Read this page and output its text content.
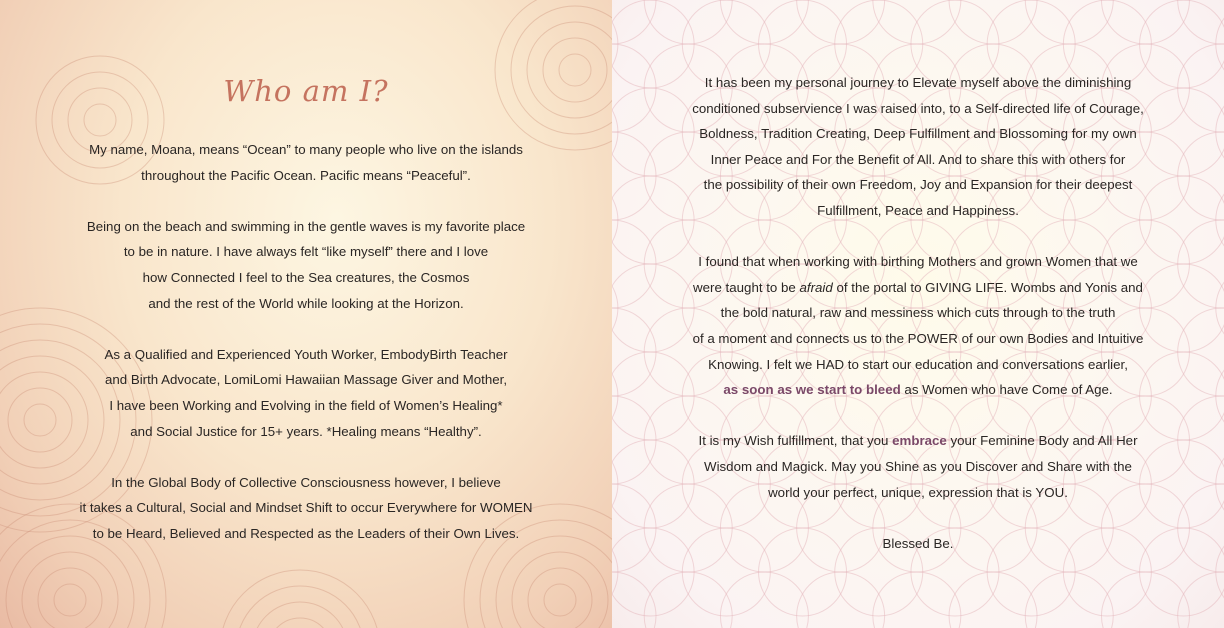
Who am I?

My name, Moana, means “Ocean” to many people who live on the islands
throughout the Pacific Ocean. Pacific means “Peaceful”.

Being on the beach and swimming in the gentle waves is my favorite place
to be in nature. I have always felt “like myself” there and I love
how Connected I feel to the Sea creatures, the Cosmos
and the rest of the World while looking at the Horizon.

As a Qualified and Experienced Youth Worker, EmbodyBirth Teacher
and Birth Advocate, LomiLomi Hawaiian Massage Giver and Mother,
I have been Working and Evolving in the field of Women’s Healing*
and Social Justice for 15+ years. *Healing means “Healthy”.

In the Global Body of Collective Consciousness however, I believe
it takes a Cultural, Social and Mindset Shift to occur Everywhere for WOMEN
to be Heard, Believed and Respected as the Leaders of their Own Lives.

It has been my personal journey to Elevate myself above the diminishing
conditioned subservience I was raised into, to a Self-directed life of Courage,
Boldness, Tradition Creating, Deep Fulfillment and Blossoming for my own
Inner Peace and For the Benefit of All. And to share this with others for
the possibility of their own Freedom, Joy and Expansion for their deepest
Fulfillment, Peace and Happiness.

I found that when working with birthing Mothers and grown Women that we
were taught to be afraid of the portal to GIVING LIFE. Wombs and Yonis and
the bold natural, raw and messiness which cuts through to the truth
of a moment and connects us to the POWER of our own Bodies and Intuitive
Knowing. I felt we HAD to start our education and conversations earlier,
as soon as we start to bleed as Women who have Come of Age.

It is my Wish fulfillment, that you embrace your Feminine Body and All Her
Wisdom and Magick. May you Shine as you Discover and Share with the
world your perfect, unique, expression that is YOU.

Blessed Be.
